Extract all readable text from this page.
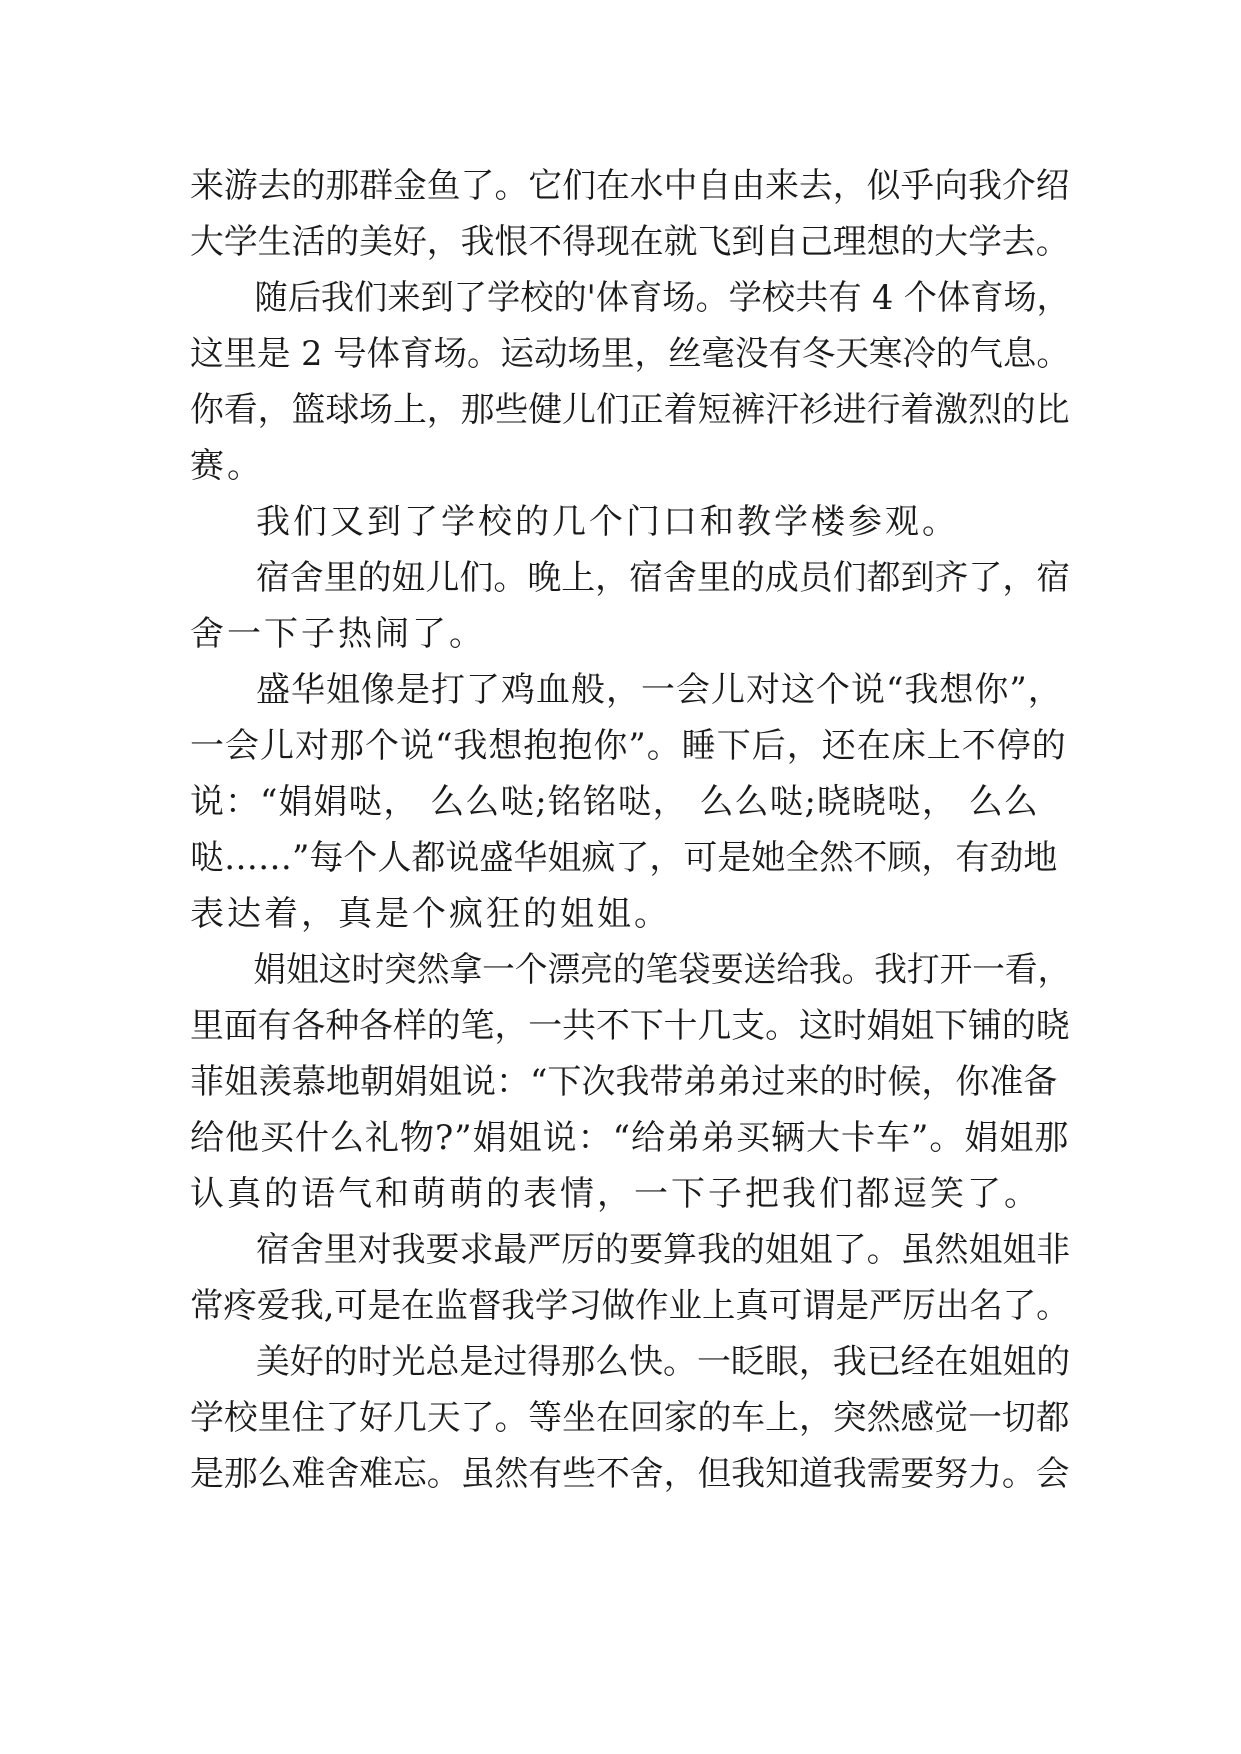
来游去的那群金鱼了。它们在水中自由来去，似乎向我介绍
大学生活的美好，我恨不得现在就飞到自己理想的大学去。
随后我们来到了学校的'体育场。学校共有 4 个体育场，
这里是 2 号体育场。运动场里，丝毫没有冬天寒冷的气息。
你看，篮球场上，那些健儿们正着短裤汗衫进行着激烈的比
赛。
我们又到了学校的几个门口和教学楼参观。
宿舍里的妞儿们。晚上，宿舍里的成员们都到齐了，宿
舍一下子热闹了。
盛华姐像是打了鸡血般，一会儿对这个说“我想你”，
一会儿对那个说“我想抱抱你”。睡下后，还在床上不停的
说：“娟娟哒， 么么哒;铭铭哒， 么么哒;晓晓哒， 么么
哒……”每个人都说盛华姐疯了，可是她全然不顾，有劲地
表达着，真是个疯狂的姐姐。
娟姐这时突然拿一个漂亮的笔袋要送给我。我打开一看，
里面有各种各样的笔，一共不下十几支。这时娟姐下铺的晓
菲姐羡慕地朝娟姐说：“下次我带弟弟过来的时候，你准备
给他买什么礼物?”娟姐说：“给弟弟买辆大卡车”。娟姐那
认真的语气和萌萌的表情，一下子把我们都逗笑了。
宿舍里对我要求最严厉的要算我的姐姐了。虽然姐姐非
常疼爱我,可是在监督我学习做作业上真可谓是严厉出名了。
美好的时光总是过得那么快。一眨眼，我已经在姐姐的
学校里住了好几天了。等坐在回家的车上，突然感觉一切都
是那么难舍难忘。虽然有些不舍，但我知道我需要努力。会
